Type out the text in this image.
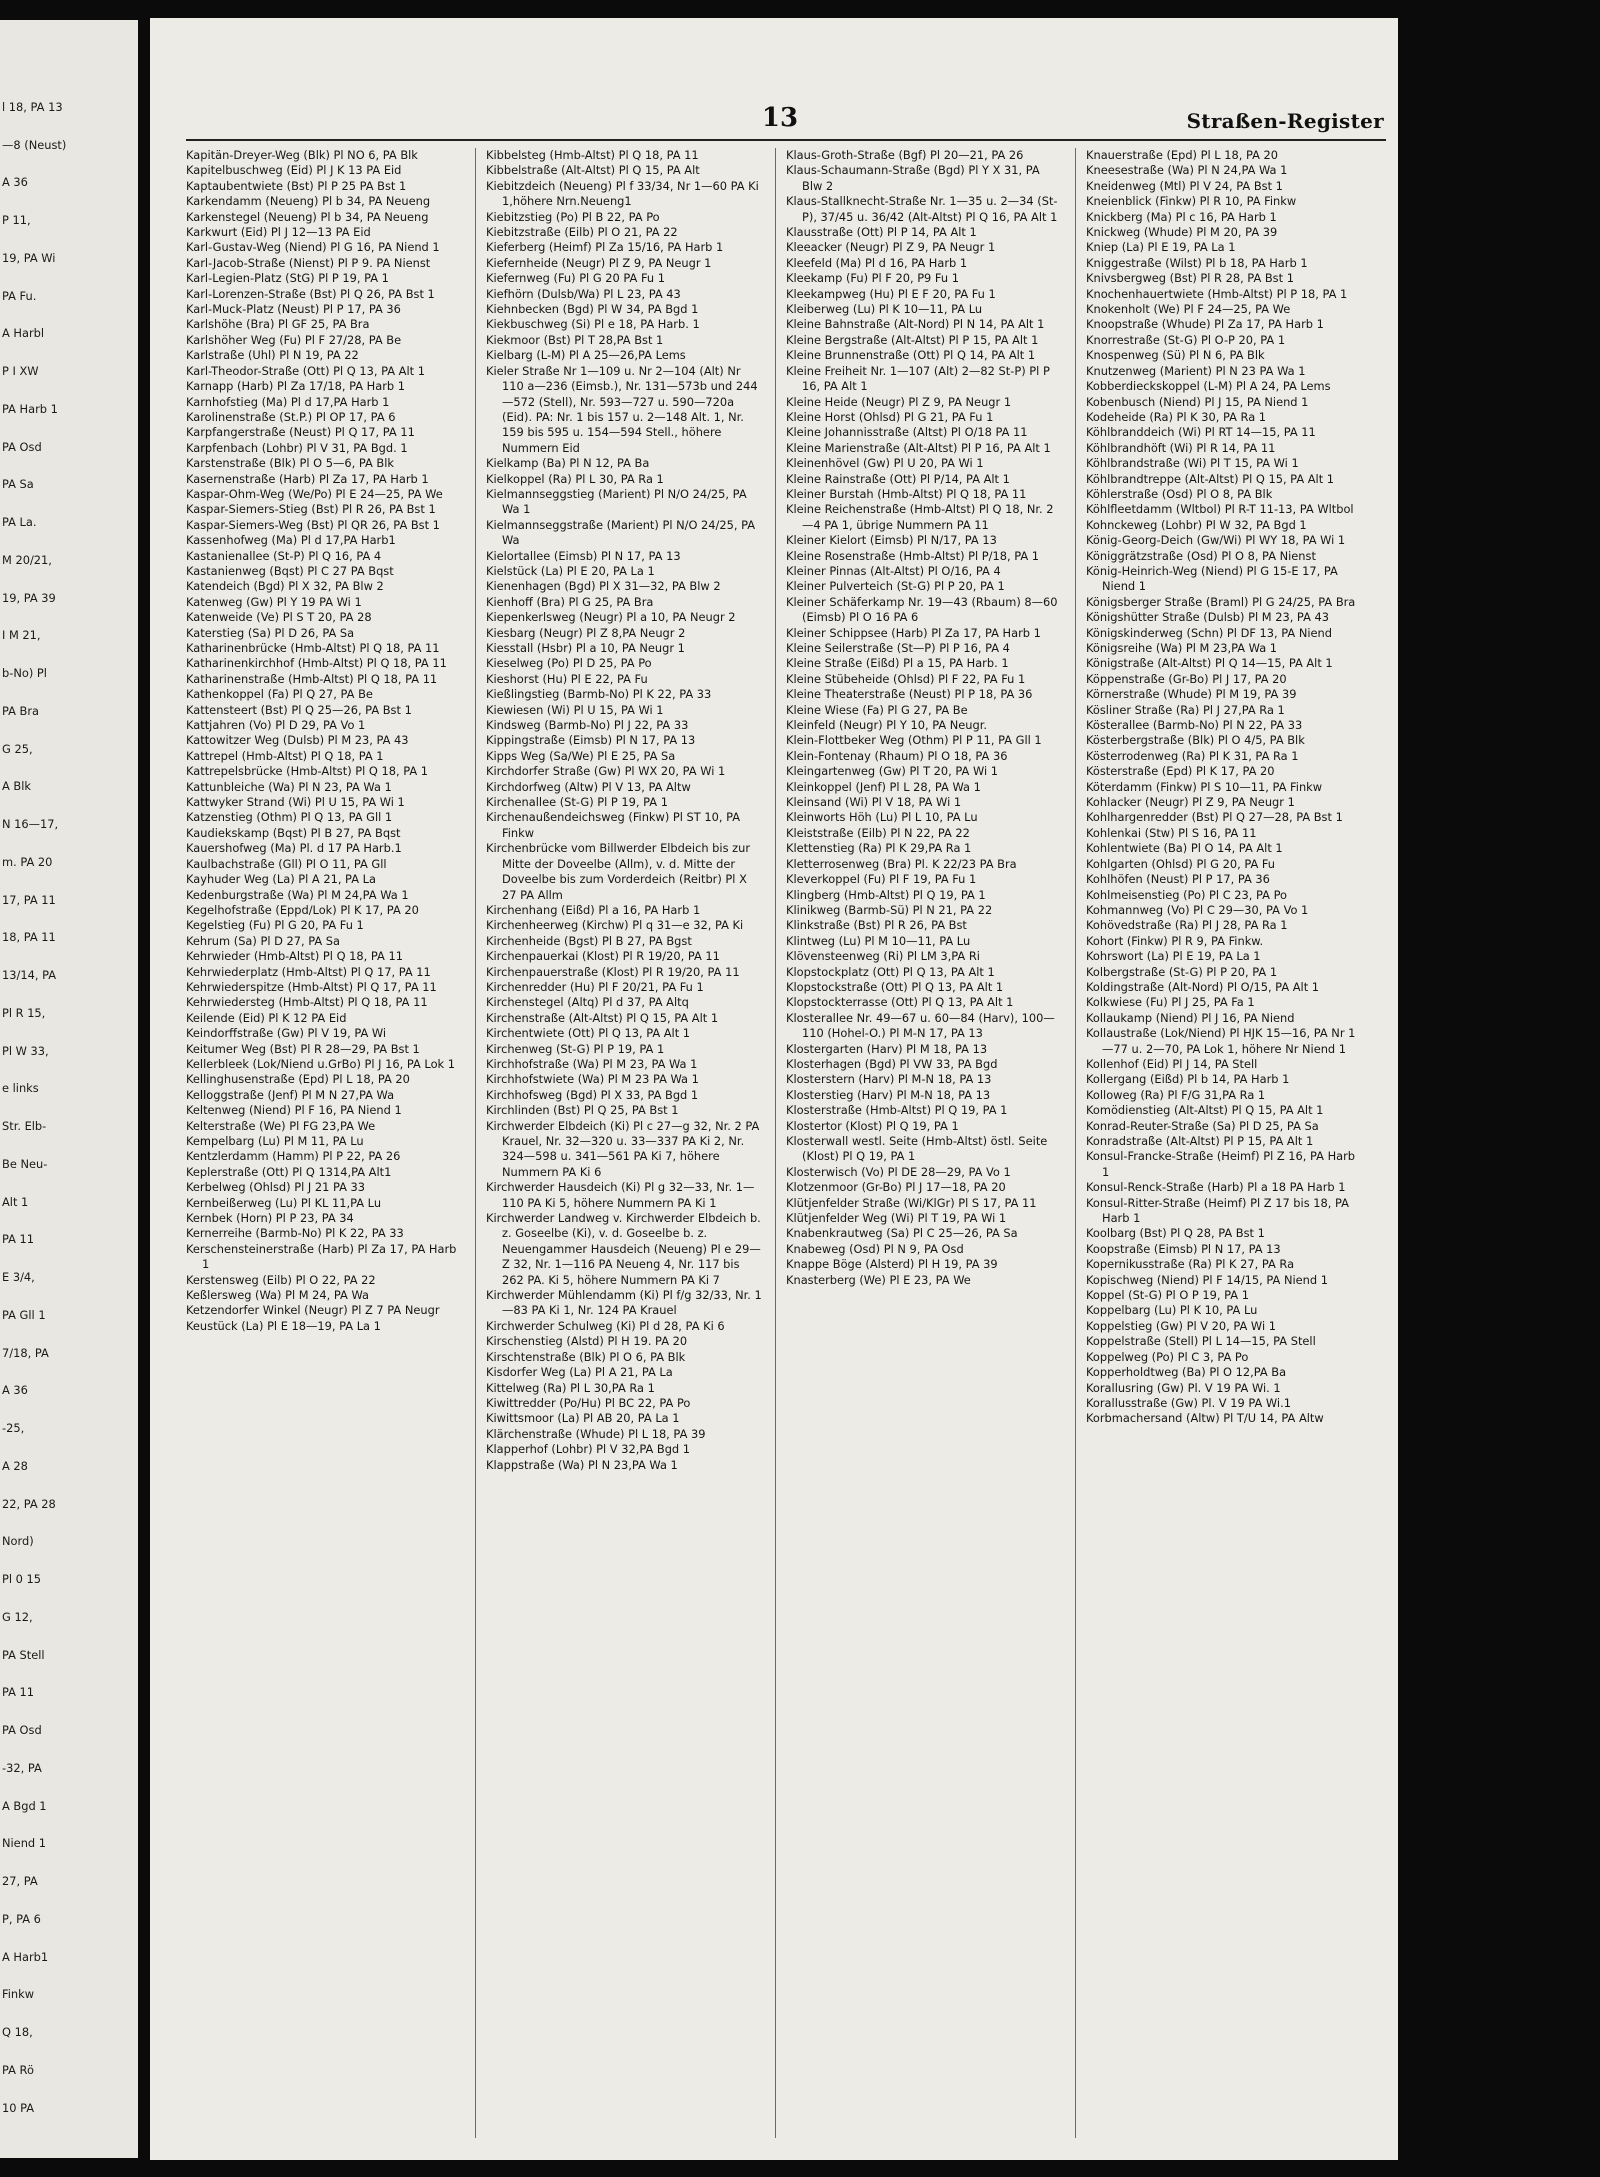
l 18, PA 13
—8 (Neust)
A 36
P 11,
19, PA Wi
PA Fu.
A Harbl
P I XW
PA Harb 1
PA Osd
PA Sa
PA La.
M 20/21,
19, PA 39
I M 21,
b-No) Pl
PA Bra
G 25,
A Blk
N 16—17,
m. PA 20
17, PA 11
18, PA 11
13/14, PA
Pl R 15,
Pl W 33,
e links
Str. Elb-
Be Neu-
Alt 1
PA 11
E 3/4,
PA Gll 1
7/18, PA
A 36
-25,
A 28
22, PA 28
Nord)
Pl 0 15
G 12,
PA Stell
PA 11
PA Osd
-32, PA
A Bgd 1
Niend 1
27, PA
P, PA 6
A Harb1
Finkw
Q 18,
PA Rö
10 PA
13	Straßen-Register

Kapitän-Dreyer-Weg (Blk) Pl NO 6, PA Blk

Kapitelbuschweg (Eid) Pl J K 13 PA Eid

Kaptaubentwiete (Bst) Pl P 25 PA Bst 1

Karkendamm (Neueng) Pl b 34, PA Neueng

Karkenstegel (Neueng) Pl b 34, PA Neueng

Karkwurt (Eid) Pl J 12—13 PA Eid

Karl-Gustav-Weg (Niend) Pl G 16, PA Niend 1

Karl-Jacob-Straße (Nienst) Pl P 9. PA Nienst

Karl-Legien-Platz (StG) Pl P 19, PA 1

Karl-Lorenzen-Straße (Bst) Pl Q 26, PA Bst 1

Karl-Muck-Platz (Neust) Pl P 17, PA 36

Karlshöhe (Bra) Pl GF 25, PA Bra

Karlshöher Weg (Fu) Pl F 27/28, PA Be

Karlstraße (Uhl) Pl N 19, PA 22

Karl-Theodor-Straße (Ott) Pl Q 13, PA Alt 1

Karnapp (Harb) Pl Za 17/18, PA Harb 1

Karnhofstieg (Ma) Pl d 17,PA Harb 1

Karolinenstraße (St.P.) Pl OP 17, PA 6

Karpfangerstraße (Neust) Pl Q 17, PA 11

Karpfenbach (Lohbr) Pl V 31, PA Bgd. 1

Karstenstraße (Blk) Pl O 5—6, PA Blk

Kasernenstraße (Harb) Pl Za 17, PA Harb 1

Kaspar-Ohm-Weg (We/Po) Pl E 24—25, PA We

Kaspar-Siemers-Stieg (Bst) Pl R 26, PA Bst 1

Kaspar-Siemers-Weg (Bst) Pl QR 26, PA Bst 1

Kassenhofweg (Ma) Pl d 17,PA Harb1

Kastanienallee (St-P) Pl Q 16, PA 4

Kastanienweg (Bqst) Pl C 27 PA Bqst

Katendeich (Bgd) Pl X 32, PA Blw 2

Katenweg (Gw) Pl Y 19 PA Wi 1

Katenweide (Ve) Pl S T 20, PA 28

Katerstieg (Sa) Pl D 26, PA Sa

Katharinenbrücke (Hmb-Altst) Pl Q 18, PA 11

Katharinenkirchhof (Hmb-Altst) Pl Q 18, PA 11

Katharinenstraße (Hmb-Altst) Pl Q 18, PA 11

Kathenkoppel (Fa) Pl Q 27, PA Be

Kattensteert (Bst) Pl Q 25—26, PA Bst 1

Kattjahren (Vo) Pl D 29, PA Vo 1

Kattowitzer Weg (Dulsb) Pl M 23, PA 43

Kattrepel (Hmb-Altst) Pl Q 18, PA 1

Kattrepelsbrücke (Hmb-Altst) Pl Q 18, PA 1

Kattunbleiche (Wa) Pl N 23, PA Wa 1

Kattwyker Strand (Wi) Pl U 15, PA Wi 1

Katzenstieg (Othm) Pl Q 13, PA Gll 1

Kaudiekskamp (Bqst) Pl B 27, PA Bqst

Kauershofweg (Ma) Pl. d 17 PA Harb.1

Kaulbachstraße (Gll) Pl O 11, PA Gll

Kayhuder Weg (La) Pl A 21, PA La

Kedenburgstraße (Wa) Pl M 24,PA Wa 1

Kegelhofstraße (Eppd/Lok) Pl K 17, PA 20

Kegelstieg (Fu) Pl G 20, PA Fu 1

Kehrum (Sa) Pl D 27, PA Sa

Kehrwieder (Hmb-Altst) Pl Q 18, PA 11

Kehrwiederplatz (Hmb-Altst) Pl Q 17, PA 11

Kehrwiederspitze (Hmb-Altst) Pl Q 17, PA 11

Kehrwiedersteg (Hmb-Altst) Pl Q 18, PA 11

Keilende (Eid) Pl K 12 PA Eid

Keindorffstraße (Gw) Pl V 19, PA Wi

Keitumer Weg (Bst) Pl R 28—29, PA Bst 1

Kellerbleek (Lok/Niend u.GrBo) Pl J 16, PA Lok 1

Kellinghusenstraße (Epd) Pl L 18, PA 20

Kelloggstraße (Jenf) Pl M N 27,PA Wa

Keltenweg (Niend) Pl F 16, PA Niend 1

Kelterstraße (We) Pl FG 23,PA We

Kempelbarg (Lu) Pl M 11, PA Lu

Kentzlerdamm (Hamm) Pl P 22, PA 26

Keplerstraße (Ott) Pl Q 1314,PA Alt1

Kerbelweg (Ohlsd) Pl J 21 PA 33

Kernbeißerweg (Lu) Pl KL 11,PA Lu

Kernbek (Horn) Pl P 23, PA 34

Kernerreihe (Barmb-No) Pl K 22, PA 33

Kerschensteinerstraße (Harb) Pl Za 17, PA Harb 1

Kerstensweg (Eilb) Pl O 22, PA 22

Keßlersweg (Wa) Pl M 24, PA Wa

Ketzendorfer Winkel (Neugr) Pl Z 7 PA Neugr

Keustück (La) Pl E 18—19, PA La 1

Kibbelsteg (Hmb-Altst) Pl Q 18, PA 11

Kibbelstraße (Alt-Altst) Pl Q 15, PA Alt

Kiebitzdeich (Neueng) Pl f 33/34, Nr 1—60 PA Ki 1,höhere Nrn.Neueng1

Kiebitzstieg (Po) Pl B 22, PA Po

Kiebitzstraße (Eilb) Pl O 21, PA 22

Kieferberg (Heimf) Pl Za 15/16, PA Harb 1

Kiefernheide (Neugr) Pl Z 9, PA Neugr 1

Kiefernweg (Fu) Pl G 20 PA Fu 1

Kiefhörn (Dulsb/Wa) Pl L 23, PA 43

Kiehnbecken (Bgd) Pl W 34, PA Bgd 1

Kiekbuschweg (Si) Pl e 18, PA Harb. 1

Kiekmoor (Bst) Pl T 28,PA Bst 1

Kielbarg (L-M) Pl A 25—26,PA Lems

Kieler Straße Nr 1—109 u. Nr 2—104 (Alt) Nr 110 a—236 (Eimsb.), Nr. 131—573b und 244—572 (Stell), Nr. 593—727 u. 590—720a (Eid). PA: Nr. 1 bis 157 u. 2—148 Alt. 1, Nr. 159 bis 595 u. 154—594 Stell., höhere Nummern Eid

Kielkamp (Ba) Pl N 12, PA Ba

Kielkoppel (Ra) Pl L 30, PA Ra 1

Kielmannseggstieg (Marient) Pl N/O 24/25, PA Wa 1

Kielmannseggstraße (Marient) Pl N/O 24/25, PA Wa

Kielortallee (Eimsb) Pl N 17, PA 13

Kielstück (La) Pl E 20, PA La 1

Kienenhagen (Bgd) Pl X 31—32, PA Blw 2

Kienhoff (Bra) Pl G 25, PA Bra

Kiepenkerlsweg (Neugr) Pl a 10, PA Neugr 2

Kiesbarg (Neugr) Pl Z 8,PA Neugr 2

Kiesstall (Hsbr) Pl a 10, PA Neugr 1

Kieselweg (Po) Pl D 25, PA Po

Kieshorst (Hu) Pl E 22, PA Fu

Kießlingstieg (Barmb-No) Pl K 22, PA 33

Kiewiesen (Wi) Pl U 15, PA Wi 1

Kindsweg (Barmb-No) Pl J 22, PA 33

Kippingstraße (Eimsb) Pl N 17, PA 13

Kipps Weg (Sa/We) Pl E 25, PA Sa

Kirchdorfer Straße (Gw) Pl WX 20, PA Wi 1

Kirchdorfweg (Altw) Pl V 13, PA Altw

Kirchenallee (St-G) Pl P 19, PA 1

Kirchenaußendeichsweg (Finkw) Pl ST 10, PA Finkw

Kirchenbrücke vom Billwerder Elbdeich bis zur Mitte der Doveelbe (Allm), v. d. Mitte der Doveelbe bis zum Vorderdeich (Reitbr) Pl X 27 PA Allm

Kirchenhang (Eißd) Pl a 16, PA Harb 1

Kirchenheerweg (Kirchw) Pl q 31—e 32, PA Ki

Kirchenheide (Bgst) Pl B 27, PA Bgst

Kirchenpauerkai (Klost) Pl R 19/20, PA 11

Kirchenpauerstraße (Klost) Pl R 19/20, PA 11

Kirchenredder (Hu) Pl F 20/21, PA Fu 1

Kirchenstegel (Altq) Pl d 37, PA Altq

Kirchenstraße (Alt-Altst) Pl Q 15, PA Alt 1

Kirchentwiete (Ott) Pl Q 13, PA Alt 1

Kirchenweg (St-G) Pl P 19, PA 1

Kirchhofstraße (Wa) Pl M 23, PA Wa 1

Kirchhofstwiete (Wa) Pl M 23 PA Wa 1

Kirchhofsweg (Bgd) Pl X 33, PA Bgd 1

Kirchlinden (Bst) Pl Q 25, PA Bst 1

Kirchwerder Elbdeich (Ki) Pl c 27—g 32, Nr. 2 PA Krauel, Nr. 32—320 u. 33—337 PA Ki 2, Nr. 324—598 u. 341—561 PA Ki 7, höhere Nummern PA Ki 6

Kirchwerder Hausdeich (Ki) Pl g 32—33, Nr. 1—110 PA Ki 5, höhere Nummern PA Ki 1

Kirchwerder Landweg v. Kirchwerder Elbdeich b. z. Goseelbe (Ki), v. d. Goseelbe b. z. Neuengammer Hausdeich (Neueng) Pl e 29—Z 32, Nr. 1—116 PA Neueng 4, Nr. 117 bis 262 PA. Ki 5, höhere Nummern PA Ki 7

Kirchwerder Mühlendamm (Ki) Pl f/g 32/33, Nr. 1—83 PA Ki 1, Nr. 124 PA Krauel

Kirchwerder Schulweg (Ki) Pl d 28, PA Ki 6

Kirschenstieg (Alstd) Pl H 19. PA 20

Kirschtenstraße (Blk) Pl O 6, PA Blk

Kisdorfer Weg (La) Pl A 21, PA La

Kittelweg (Ra) Pl L 30,PA Ra 1

Kiwittredder (Po/Hu) Pl BC 22, PA Po

Kiwittsmoor (La) Pl AB 20, PA La 1

Klärchenstraße (Whude) Pl L 18, PA 39

Klapperhof (Lohbr) Pl V 32,PA Bgd 1

Klappstraße (Wa) Pl N 23,PA Wa 1

Klaus-Groth-Straße (Bgf) Pl 20—21, PA 26

Klaus-Schaumann-Straße (Bgd) Pl Y X 31, PA Blw 2

Klaus-Stallknecht-Straße Nr. 1—35 u. 2—34 (St-P), 37/45 u. 36/42 (Alt-Altst) Pl Q 16, PA Alt 1

Klausstraße (Ott) Pl P 14, PA Alt 1

Kleeacker (Neugr) Pl Z 9, PA Neugr 1

Kleefeld (Ma) Pl d 16, PA Harb 1

Kleekamp (Fu) Pl F 20, P9 Fu 1

Kleekampweg (Hu) Pl E F 20, PA Fu 1

Kleiberweg (Lu) Pl K 10—11, PA Lu

Kleine Bahnstraße (Alt-Nord) Pl N 14, PA Alt 1

Kleine Bergstraße (Alt-Altst) Pl P 15, PA Alt 1

Kleine Brunnenstraße (Ott) Pl Q 14, PA Alt 1

Kleine Freiheit Nr. 1—107 (Alt) 2—82 St-P) Pl P 16, PA Alt 1

Kleine Heide (Neugr) Pl Z 9, PA Neugr 1

Kleine Horst (Ohlsd) Pl G 21, PA Fu 1

Kleine Johannisstraße (Altst) Pl O/18 PA 11

Kleine Marienstraße (Alt-Altst) Pl P 16, PA Alt 1

Kleinenhövel (Gw) Pl U 20, PA Wi 1

Kleine Rainstraße (Ott) Pl P/14, PA Alt 1

Kleiner Burstah (Hmb-Altst) Pl Q 18, PA 11

Kleine Reichenstraße (Hmb-Altst) Pl Q 18, Nr. 2—4 PA 1, übrige Nummern PA 11

Kleiner Kielort (Eimsb) Pl N/17, PA 13

Kleine Rosenstraße (Hmb-Altst) Pl P/18, PA 1

Kleiner Pinnas (Alt-Altst) Pl O/16, PA 4

Kleiner Pulverteich (St-G) Pl P 20, PA 1

Kleiner Schäferkamp Nr. 19—43 (Rbaum) 8—60 (Eimsb) Pl O 16 PA 6

Kleiner Schippsee (Harb) Pl Za 17, PA Harb 1

Kleine Seilerstraße (St—P) Pl P 16, PA 4

Kleine Straße (Eißd) Pl a 15, PA Harb. 1

Kleine Stübeheide (Ohlsd) Pl F 22, PA Fu 1

Kleine Theaterstraße (Neust) Pl P 18, PA 36

Kleine Wiese (Fa) Pl G 27, PA Be

Kleinfeld (Neugr) Pl Y 10, PA Neugr.

Klein-Flottbeker Weg (Othm) Pl P 11, PA Gll 1

Klein-Fontenay (Rhaum) Pl O 18, PA 36

Kleingartenweg (Gw) Pl T 20, PA Wi 1

Kleinkoppel (Jenf) Pl L 28, PA Wa 1

Kleinsand (Wi) Pl V 18, PA Wi 1

Kleinworts Höh (Lu) Pl L 10, PA Lu

Kleiststraße (Eilb) Pl N 22, PA 22

Klettenstieg (Ra) Pl K 29,PA Ra 1

Kletterrosenweg (Bra) Pl. K 22/23 PA Bra

Kleverkoppel (Fu) Pl F 19, PA Fu 1

Klingberg (Hmb-Altst) Pl Q 19, PA 1

Klinikweg (Barmb-Sü) Pl N 21, PA 22

Klinkstraße (Bst) Pl R 26, PA Bst

Klintweg (Lu) Pl M 10—11, PA Lu

Klövensteenweg (Ri) Pl LM 3,PA Ri

Klopstockplatz (Ott) Pl Q 13, PA Alt 1

Klopstockstraße (Ott) Pl Q 13, PA Alt 1

Klopstockterrasse (Ott) Pl Q 13, PA Alt 1

Klosterallee Nr. 49—67 u. 60—84 (Harv), 100—110 (Hohel-O.) Pl M-N 17, PA 13

Klostergarten (Harv) Pl M 18, PA 13

Klosterhagen (Bgd) Pl VW 33, PA Bgd

Klosterstern (Harv) Pl M-N 18, PA 13

Klosterstieg (Harv) Pl M-N 18, PA 13

Klosterstraße (Hmb-Altst) Pl Q 19, PA 1

Klostertor (Klost) Pl Q 19, PA 1

Klosterwall westl. Seite (Hmb-Altst) östl. Seite (Klost) Pl Q 19, PA 1

Klosterwisch (Vo) Pl DE 28—29, PA Vo 1

Klotzenmoor (Gr-Bo) Pl J 17—18, PA 20

Klütjenfelder Straße (Wi/KlGr) Pl S 17, PA 11

Klütjenfelder Weg (Wi) Pl T 19, PA Wi 1

Knabenkrautweg (Sa) Pl C 25—26, PA Sa

Knabeweg (Osd) Pl N 9, PA Osd

Knappe Böge (Alsterd) Pl H 19, PA 39

Knasterberg (We) Pl E 23, PA We

Knauerstraße (Epd) Pl L 18, PA 20

Kneesestraße (Wa) Pl N 24,PA Wa 1

Kneidenweg (Mtl) Pl V 24, PA Bst 1

Kneienblick (Finkw) Pl R 10, PA Finkw

Knickberg (Ma) Pl c 16, PA Harb 1

Knickweg (Whude) Pl M 20, PA 39

Kniep (La) Pl E 19, PA La 1

Kniggestraße (Wilst) Pl b 18, PA Harb 1

Knivsbergweg (Bst) Pl R 28, PA Bst 1

Knochenhauertwiete (Hmb-Altst) Pl P 18, PA 1

Knokenholt (We) Pl F 24—25, PA We

Knoopstraße (Whude) Pl Za 17, PA Harb 1

Knorrestraße (St-G) Pl O-P 20, PA 1

Knospenweg (Sü) Pl N 6, PA Blk

Knutzenweg (Marient) Pl N 23 PA Wa 1

Kobberdieckskoppel (L-M) Pl A 24, PA Lems

Kobenbusch (Niend) Pl J 15, PA Niend 1

Kodeheide (Ra) Pl K 30, PA Ra 1

Köhlbranddeich (Wi) Pl RT 14—15, PA 11

Köhlbrandhöft (Wi) Pl R 14, PA 11

Köhlbrandstraße (Wi) Pl T 15, PA Wi 1

Köhlbrandtreppe (Alt-Altst) Pl Q 15, PA Alt 1

Köhlerstraße (Osd) Pl O 8, PA Blk

Köhlfleetdamm (Wltbol) Pl R-T 11-13, PA Wltbol

Kohnckeweg (Lohbr) Pl W 32, PA Bgd 1

König-Georg-Deich (Gw/Wi) Pl WY 18, PA Wi 1

Königgrätzstraße (Osd) Pl O 8, PA Nienst

König-Heinrich-Weg (Niend) Pl G 15-E 17, PA Niend 1

Königsberger Straße (Braml) Pl G 24/25, PA Bra

Königshütter Straße (Dulsb) Pl M 23, PA 43

Königskinderweg (Schn) Pl DF 13, PA Niend

Königsreihe (Wa) Pl M 23,PA Wa 1

Königstraße (Alt-Altst) Pl Q 14—15, PA Alt 1

Köppenstraße (Gr-Bo) Pl J 17, PA 20

Körnerstraße (Whude) Pl M 19, PA 39

Kösliner Straße (Ra) Pl J 27,PA Ra 1

Kösterallee (Barmb-No) Pl N 22, PA 33

Kösterbergstraße (Blk) Pl O 4/5, PA Blk

Kösterrodenweg (Ra) Pl K 31, PA Ra 1

Kösterstraße (Epd) Pl K 17, PA 20

Köterdamm (Finkw) Pl S 10—11, PA Finkw

Kohlacker (Neugr) Pl Z 9, PA Neugr 1

Kohlhargenredder (Bst) Pl Q 27—28, PA Bst 1

Kohlenkai (Stw) Pl S 16, PA 11

Kohlentwiete (Ba) Pl O 14, PA Alt 1

Kohlgarten (Ohlsd) Pl G 20, PA Fu

Kohlhöfen (Neust) Pl P 17, PA 36

Kohlmeisenstieg (Po) Pl C 23, PA Po

Kohmannweg (Vo) Pl C 29—30, PA Vo 1

Kohövedstraße (Ra) Pl J 28, PA Ra 1

Kohort (Finkw) Pl R 9, PA Finkw.

Kohrswort (La) Pl E 19, PA La 1

Kolbergstraße (St-G) Pl P 20, PA 1

Koldingstraße (Alt-Nord) Pl O/15, PA Alt 1

Kolkwiese (Fu) Pl J 25, PA Fa 1

Kollaukamp (Niend) Pl J 16, PA Niend

Kollaustraße (Lok/Niend) Pl HJK 15—16, PA Nr 1—77 u. 2—70, PA Lok 1, höhere Nr Niend 1

Kollenhof (Eid) Pl J 14, PA Stell

Kollergang (Eißd) Pl b 14, PA Harb 1

Kolloweg (Ra) Pl F/G 31,PA Ra 1

Komödienstieg (Alt-Altst) Pl Q 15, PA Alt 1

Konrad-Reuter-Straße (Sa) Pl D 25, PA Sa

Konradstraße (Alt-Altst) Pl P 15, PA Alt 1

Konsul-Francke-Straße (Heimf) Pl Z 16, PA Harb 1

Konsul-Renck-Straße (Harb) Pl a 18 PA Harb 1

Konsul-Ritter-Straße (Heimf) Pl Z 17 bis 18, PA Harb 1

Koolbarg (Bst) Pl Q 28, PA Bst 1

Koopstraße (Eimsb) Pl N 17, PA 13

Kopernikusstraße (Ra) Pl K 27, PA Ra

Kopischweg (Niend) Pl F 14/15, PA Niend 1

Koppel (St-G) Pl O P 19, PA 1

Koppelbarg (Lu) Pl K 10, PA Lu

Koppelstieg (Gw) Pl V 20, PA Wi 1

Koppelstraße (Stell) Pl L 14—15, PA Stell

Koppelweg (Po) Pl C 3, PA Po

Kopperholdtweg (Ba) Pl O 12,PA Ba

Korallusring (Gw) Pl. V 19 PA Wi. 1

Korallusstraße (Gw) Pl. V 19 PA Wi.1

Korbmachersand (Altw) Pl T/U 14, PA Altw
